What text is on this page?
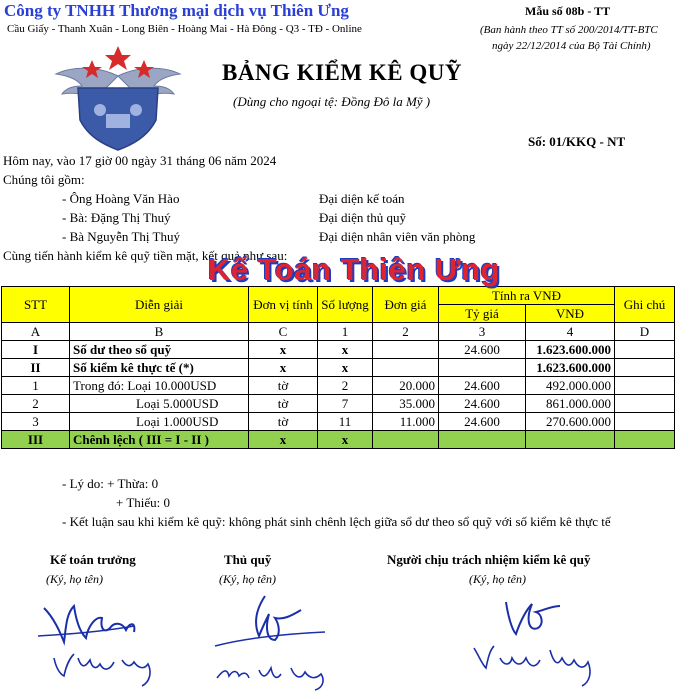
Công ty TNHH Thương mại dịch vụ Thiên Ưng
Cầu Giấy - Thanh Xuân - Long Biên - Hoàng Mai - Hà Đông - Q3 - TĐ - Online
Mẫu số 08b - TT
(Ban hành theo TT số 200/2014/TT-BTC
ngày 22/12/2014 của Bộ Tài Chính)
BẢNG KIỂM KÊ QUỸ
(Dùng cho ngoại tệ: Đồng Đô la Mỹ )
Số: 01/KKQ - NT
Hôm nay, vào 17 giờ 00 ngày 31 tháng 06 năm 2024
Chúng tôi gồm:
- Ông Hoàng Văn Hào	Đại diện kế toán
- Bà: Đặng Thị Thuý	Đại diện thủ quỹ
- Bà Nguyễn Thị Thuý	Đại diện nhân viên văn phòng
Cùng tiến hành kiểm kê quỹ tiền mặt, kết quả như sau:
STT	Diễn giải	Đơn vị tính	Số lượng	Đơn giá	Tính ra VNĐ		Ghi chú
					Tỷ giá	VNĐ	
A	B	C	1	2	3	4	D
I	Số dư theo sổ quỹ	x	x		24.600	1.623.600.000	
II	Số kiểm kê thực tế (*)	x	x			1.623.600.000	
1	Trong đó: Loại 10.000USD	tờ	2	20.000	24.600	492.000.000	
2	Loại 5.000USD	tờ	7	35.000	24.600	861.000.000	
3	Loại 1.000USD	tờ	11	11.000	24.600	270.600.000	
III	Chênh lệch ( III = I - II )	x	x				
Kế Toán Thiên Ưng
- Lý do: + Thừa: 0
+ Thiếu: 0
- Kết luận sau khi kiểm kê quỹ: không phát sinh chênh lệch giữa sổ dư theo sổ quỹ với số kiểm kê thực tế
Kế toán trưởng
(Ký, họ tên)
Thủ quỹ
(Ký, họ tên)
Người chịu trách nhiệm kiểm kê quỹ
(Ký, họ tên)
